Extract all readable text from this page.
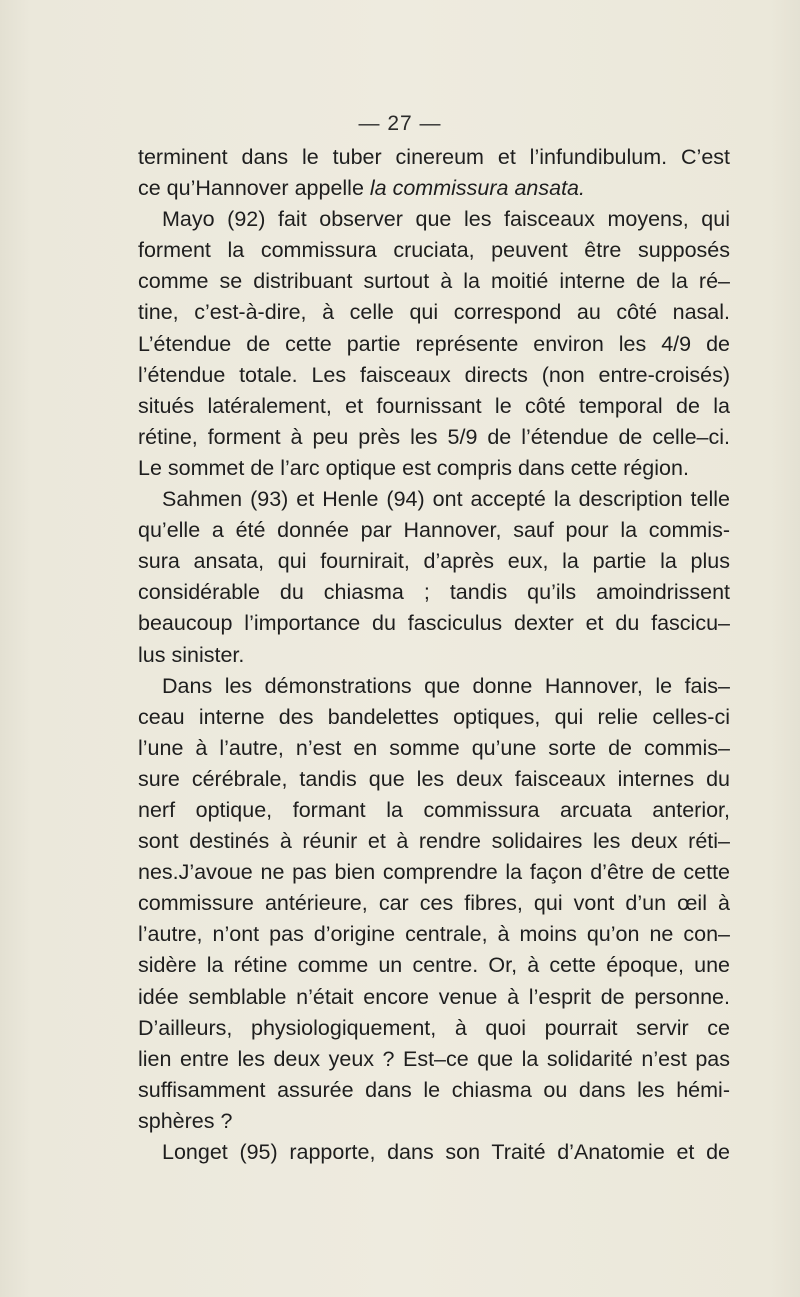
— 27 —
terminent dans le tuber cinereum et l’infundibulum. C’est
ce qu’Hannover appelle la commissura ansata.
Mayo (92) fait observer que les faisceaux moyens, qui
forment la commissura cruciata, peuvent être supposés
comme se distribuant surtout à la moitié interne de la ré–
tine, c’est-à-dire, à celle qui correspond au côté nasal.
L’étendue de cette partie représente environ les 4/9 de
l’étendue totale. Les faisceaux directs (non entre-croisés)
situés latéralement, et fournissant le côté temporal de la
rétine, forment à peu près les 5/9 de l’étendue de celle–ci.
Le sommet de l’arc optique est compris dans cette région.
Sahmen (93) et Henle (94) ont accepté la description telle
qu’elle a été donnée par Hannover, sauf pour la commis-
sura ansata, qui fournirait, d’après eux, la partie la plus
considérable du chiasma ; tandis qu’ils amoindrissent
beaucoup l’importance du fasciculus dexter et du fascicu–
lus sinister.
Dans les démonstrations que donne Hannover, le fais–
ceau interne des bandelettes optiques, qui relie celles-ci
l’une à l’autre, n’est en somme qu’une sorte de commis–
sure cérébrale, tandis que les deux faisceaux internes du
nerf optique, formant la commissura arcuata anterior,
sont destinés à réunir et à rendre solidaires les deux réti–
nes.J’avoue ne pas bien comprendre la façon d’être de cette
commissure antérieure, car ces fibres, qui vont d’un œil à
l’autre, n’ont pas d’origine centrale, à moins qu’on ne con–
sidère la rétine comme un centre. Or, à cette époque, une
idée semblable n’était encore venue à l’esprit de personne.
D’ailleurs, physiologiquement, à quoi pourrait servir ce
lien entre les deux yeux ? Est–ce que la solidarité n’est pas
suffisamment assurée dans le chiasma ou dans les hémi-
sphères ?
Longet (95) rapporte, dans son Traité d’Anatomie et de
